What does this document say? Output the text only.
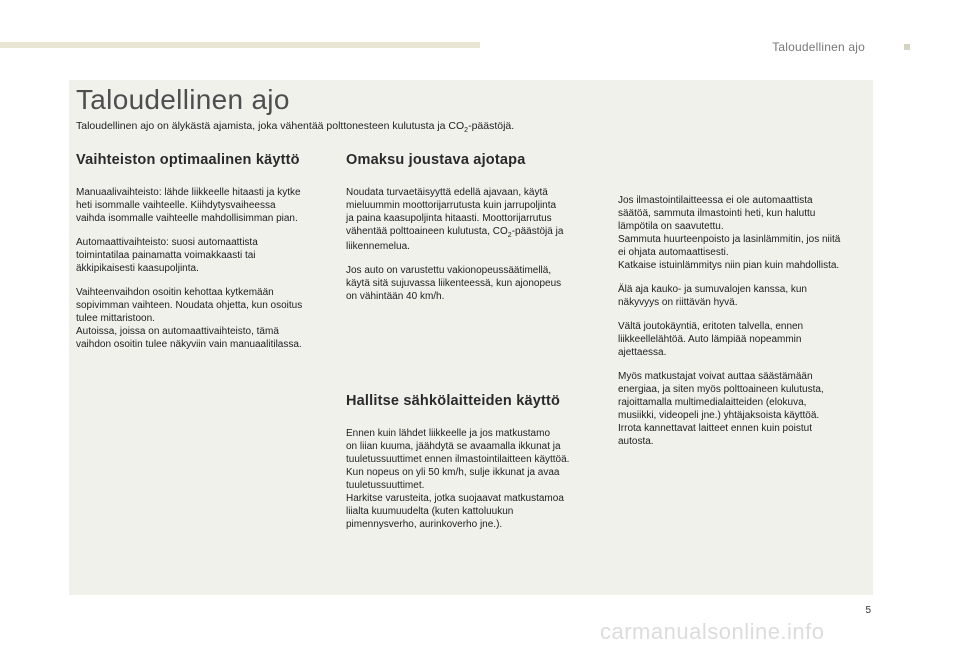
Taloudellinen ajo
Taloudellinen ajo
Taloudellinen ajo on älykästä ajamista, joka vähentää polttonesteen kulutusta ja $CO_2$-päästöjä.
Vaihteiston optimaalinen käyttö

Manuaalivaihteisto: lähde liikkeelle hitaasti ja kytke
heti isommalle vaihteelle. Kiihdytysvaiheessa
vaihda isommalle vaihteelle mahdollisimman pian.

Automaattivaihteisto: suosi automaattista
toimintatilaa painamatta voimakkaasti tai
äkkipikaisesti kaasupoljinta.

Vaihteenvaihdon osoitin kehottaa kytkemään
sopivimman vaihteen. Noudata ohjetta, kun osoitus
tulee mittaristoon.
Autoissa, joissa on automaattivaihteisto, tämä
vaihdon osoitin tulee näkyviin vain manuaalitilassa.

Omaksu joustava ajotapa

Noudata turvaetäisyyttä edellä ajavaan, käytä
mieluummin moottorijarrutusta kuin jarrupoljinta
ja paina kaasupoljinta hitaasti. Moottorijarrutus
vähentää polttoaineen kulutusta, $CO_2$-päästöjä ja
liikennemelua.

Jos auto on varustettu vakionopeussäätimellä,
käytä sitä sujuvassa liikenteessä, kun ajonopeus
on vähintään 40 km/h.

Hallitse sähkölaitteiden käyttö

Ennen kuin lähdet liikkeelle ja jos matkustamo
on liian kuuma, jäähdytä se avaamalla ikkunat ja
tuuletussuuttimet ennen ilmastointilaitteen käyttöä.
Kun nopeus on yli 50 km/h, sulje ikkunat ja avaa
tuuletussuuttimet.
Harkitse varusteita, jotka suojaavat matkustamoa
liialta kuumuudelta (kuten kattoluukun
pimennysverho, aurinkoverho jne.).

Jos ilmastointilaitteessa ei ole automaattista
säätöä, sammuta ilmastointi heti, kun haluttu
lämpötila on saavutettu.
Sammuta huurteenpoisto ja lasinlämmitin, jos niitä
ei ohjata automaattisesti.
Katkaise istuinlämmitys niin pian kuin mahdollista.

Älä aja kauko- ja sumuvalojen kanssa, kun
näkyvyys on riittävän hyvä.

Vältä joutokäyntiä, eritoten talvella, ennen
liikkeellelähtöä. Auto lämpiää nopeammin
ajettaessa.

Myös matkustajat voivat auttaa säästämään
energiaa, ja siten myös polttoaineen kulutusta,
rajoittamalla multimedialaitteiden (elokuva,
musiikki, videopeli jne.) yhtäjaksoista käyttöä.
Irrota kannettavat laitteet ennen kuin poistut
autosta.

5
carmanualsonline.info
